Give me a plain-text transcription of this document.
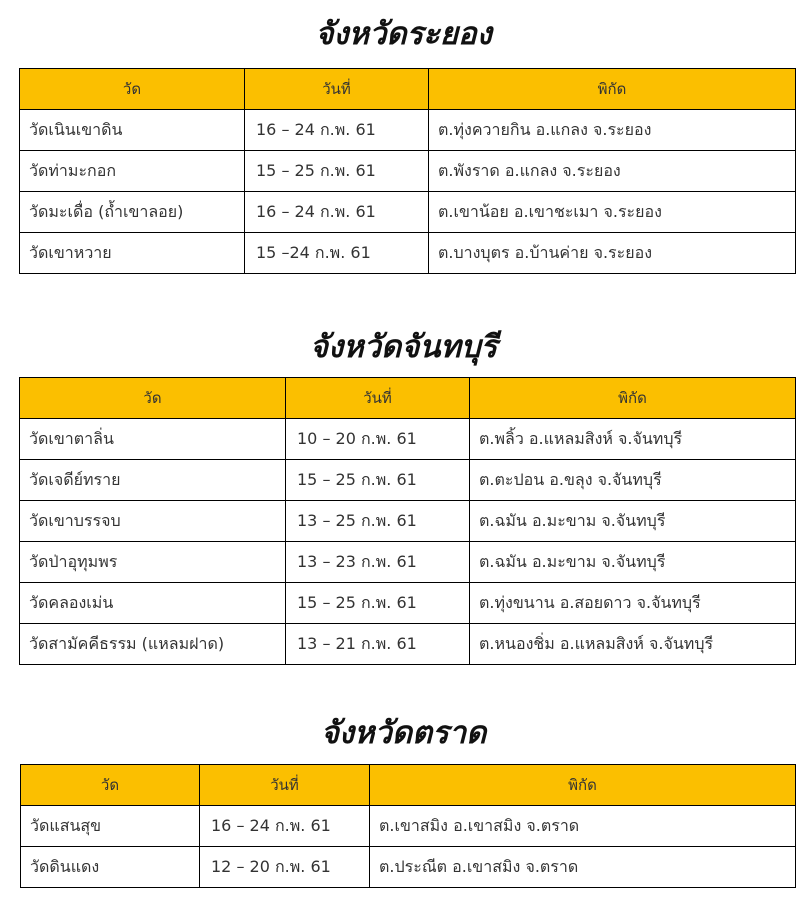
จังหวัดระยอง
วัด	วันที่	พิกัด
วัดเนินเขาดิน	16 – 24 ก.พ. 61	ต.ทุ่งควายกิน อ.แกลง จ.ระยอง
วัดท่ามะกอก	15 – 25 ก.พ. 61	ต.พังราด อ.แกลง จ.ระยอง
วัดมะเดื่อ (ถ้ำเขาลอย)	16 – 24 ก.พ. 61	ต.เขาน้อย อ.เขาชะเมา จ.ระยอง
วัดเขาหวาย	15 –24 ก.พ. 61	ต.บางบุตร อ.บ้านค่าย จ.ระยอง
จังหวัดจันทบุรี
วัด	วันที่	พิกัด
วัดเขาตาลิ่น	10 – 20 ก.พ. 61	ต.พลิ้ว อ.แหลมสิงห์ จ.จันทบุรี
วัดเจดีย์ทราย	15 – 25 ก.พ. 61	ต.ตะปอน อ.ขลุง จ.จันทบุรี
วัดเขาบรรจบ	13 – 25 ก.พ. 61	ต.ฉมัน อ.มะขาม จ.จันทบุรี
วัดป่าอุทุมพร	13 – 23 ก.พ. 61	ต.ฉมัน อ.มะขาม จ.จันทบุรี
วัดคลองเม่น	15 – 25 ก.พ. 61	ต.ทุ่งขนาน อ.สอยดาว จ.จันทบุรี
วัดสามัคคีธรรม (แหลมฝาด)	13 – 21 ก.พ. 61	ต.หนองชิ่ม อ.แหลมสิงห์ จ.จันทบุรี
จังหวัดตราด
วัด	วันที่	พิกัด
วัดแสนสุข	16 – 24 ก.พ. 61	ต.เขาสมิง อ.เขาสมิง จ.ตราด
วัดดินแดง	12 – 20 ก.พ. 61	ต.ประณีต อ.เขาสมิง จ.ตราด
